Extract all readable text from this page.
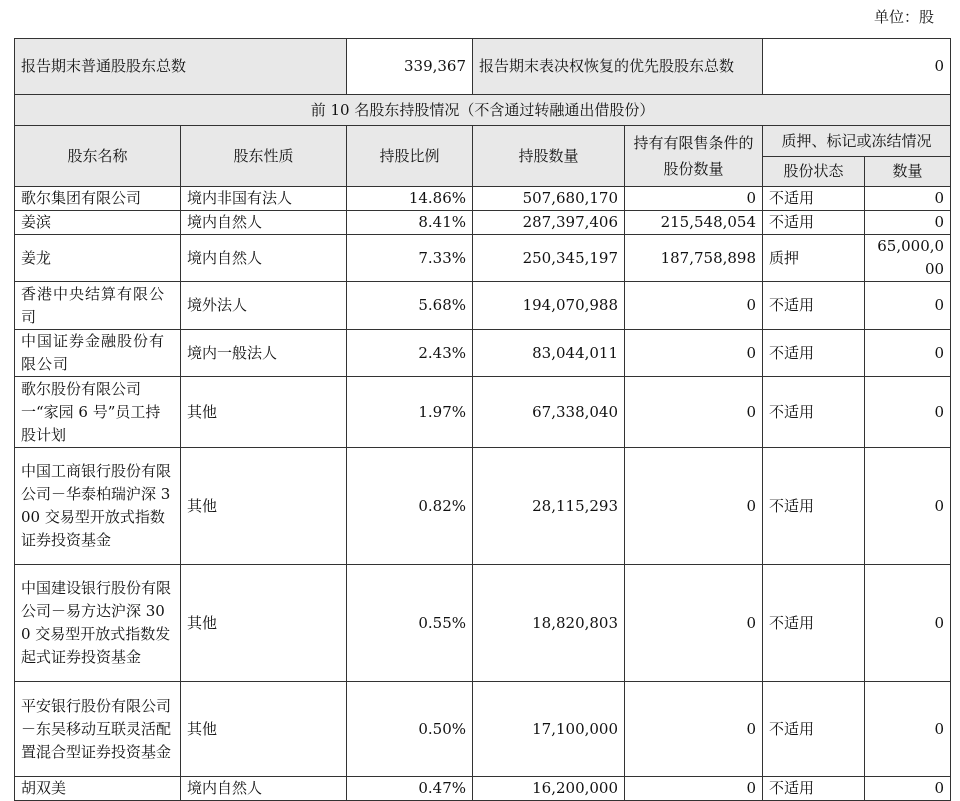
单位：股
报告期末普通股股东总数		339,367	报告期末表决权恢复的优先股股东总数		0	
前 10 名股东持股情况（不含通过转融通出借股份）						
股东名称	股东性质	持股比例	持股数量	持有有限售条件的股份数量	质押、标记或冻结情况	
					股份状态	数量
歌尔集团有限公司	境内非国有法人	14.86%	507,680,170	0	不适用	0
姜滨	境内自然人	8.41%	287,397,406	215,548,054	不适用	0
姜龙	境内自然人	7.33%	250,345,197	187,758,898	质押	65,000,000
香港中央结算有限公司	境外法人	5.68%	194,070,988	0	不适用	0
中国证券金融股份有限公司	境内一般法人	2.43%	83,044,011	0	不适用	0
歌尔股份有限公司一“家园 6 号”员工持股计划	其他	1.97%	67,338,040	0	不适用	0
中国工商银行股份有限公司－华泰柏瑞沪深 300 交易型开放式指数证券投资基金	其他	0.82%	28,115,293	0	不适用	0
中国建设银行股份有限公司－易方达沪深 300 交易型开放式指数发起式证券投资基金	其他	0.55%	18,820,803	0	不适用	0
平安银行股份有限公司－东吴移动互联灵活配置混合型证券投资基金	其他	0.50%	17,100,000	0	不适用	0
胡双美	境内自然人	0.47%	16,200,000	0	不适用	0
